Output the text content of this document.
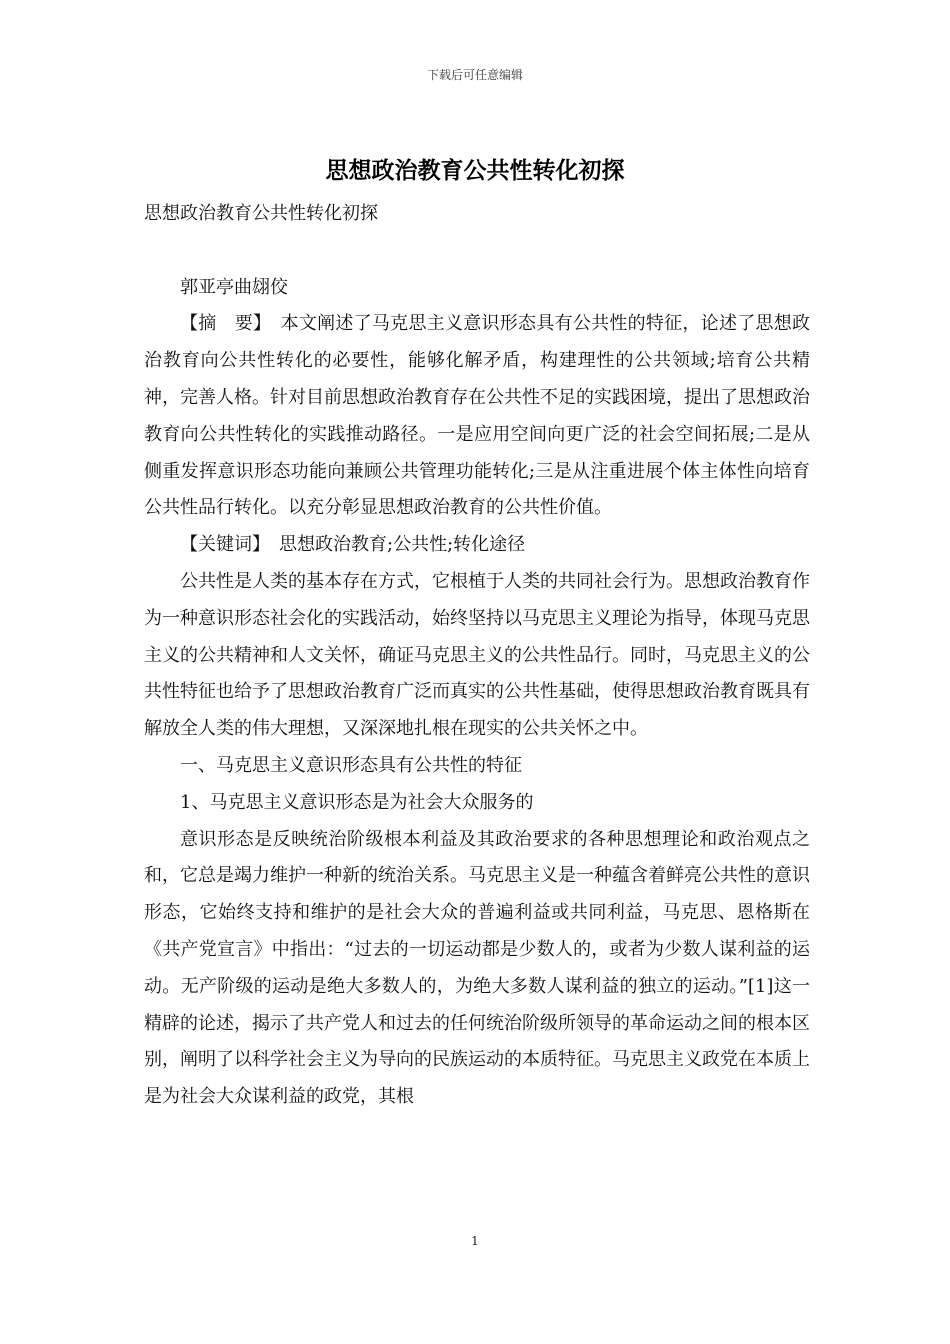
下载后可任意编辑
思想政治教育公共性转化初探

思想政治教育公共性转化初探

郭亚亭曲翃佼

【摘　要】　 本文阐述了马克思主义意识形态具有公共性的特征，论述了思想政治教育向公共性转化的必要性，能够化解矛盾，构建理性的公共领域;培育公共精神，完善人格。针对目前思想政治教育存在公共性不足的实践困境，提出了思想政治教育向公共性转化的实践推动路径。一是应用空间向更广泛的社会空间拓展;二是从侧重发挥意识形态功能向兼顾公共管理功能转化;三是从注重进展个体主体性向培育公共性品行转化。以充分彰显思想政治教育的公共性价值。

【关键词】　 思想政治教育;公共性;转化途径

公共性是人类的基本存在方式，它根植于人类的共同社会行为。思想政治教育作为一种意识形态社会化的实践活动，始终坚持以马克思主义理论为指导，体现马克思主义的公共精神和人文关怀，确证马克思主义的公共性品行。同时，马克思主义的公共性特征也给予了思想政治教育广泛而真实的公共性基础，使得思想政治教育既具有解放全人类的伟大理想，又深深地扎根在现实的公共关怀之中。

一、马克思主义意识形态具有公共性的特征

1、马克思主义意识形态是为社会大众服务的

意识形态是反映统治阶级根本利益及其政治要求的各种思想理论和政治观点之和，它总是竭力维护一种新的统治关系。马克思主义是一种蕴含着鲜亮公共性的意识形态，它始终支持和维护的是社会大众的普遍利益或共同利益，马克思、恩格斯在《共产党宣言》中指出：“过去的一切运动都是少数人的，或者为少数人谋利益的运动。无产阶级的运动是绝大多数人的，为绝大多数人谋利益的独立的运动。”[1]这一精辟的论述，揭示了共产党人和过去的任何统治阶级所领导的革命运动之间的根本区别，阐明了以科学社会主义为导向的民族运动的本质特征。马克思主义政党在本质上是为社会大众谋利益的政党，其根

1
